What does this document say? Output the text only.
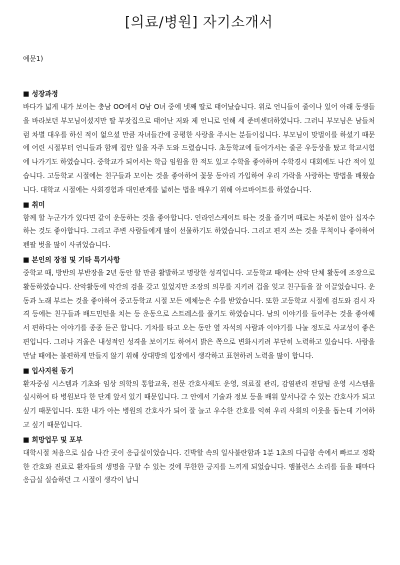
[의료/병원] 자기소개서

예문1)

■ 성장과정

바다가 넓게 내가 보이는 충남 OO에서 O남 O녀 중에 넷째 딸로 태어났습니다. 위로 언니들이 줄이나 있어 아래 동생들을 바라보던 부모님이셨지만 딸 부잣집으로 태어난 저와 제 언니로 인해 세 준비센더하였니다. 그러니 부모님은 남들처럼 차별 대우를 하신 적이 없으셨 만큼 자녀들간에 공평한 사랑을 주시는 분들이십니다. 부모님이 맞벌이를 하셨기 때문에 어린 시절부터 언니들과 함께 집안 일을 자주 도와 드렸습니다. 초등학교에 들어가서는 줄곧 우등상을 탔고 학교시험에 나가기도 하였습니다. 중학교가 되어서는 학급 임원을 한 적도 있고 수학을 좋아하며 수학경시 대회에도 나간 적이 있습니다. 고등학교 시절에는 친구들과 모이는 것을 좋아하여 꽃뭉 동아리 가입하여 우리 가락을 사랑하는 방법을 배웠습니다. 대학교 시절에는 사회경험과 대인관계를 넓히는 법을 배우기 위해 아르바이트를 하였습니다.

■ 취미

함께 할 누군가가 있다면 같이 운동하는 것을 좋아합니다. 인라인스케이트 타는 것을 즐기며 때로는 차분히 앉아 십자수 하는 것도 좋아합니다. 그리고 주변 사람들에게 많이 선물하기도 하였습니다. 그리고 편지 쓰는 것을 무척이나 좋아하여 펜팔 벗을 많이 사귀었습니다.

■ 본인의 장점 및 기타 특기사항

중학교 때, 방반의 부반장을 2년 동안 할 만큼 활발하고 명랑한 성격입니다. 고등학교 때에는 산악 단체 활동에 조장으로 활동하였습니다. 산악활동에 악간의 검을 갖고 있었지만 조장의 의무를 지키려 겁을 잊고 친구들을 잘 이끌었습니다. 운동과 노래 부르는 것을 좋아하여 중고등학교 시절 모든 예체능은 수를 받았습니다. 또한 고등학교 시절에 검도와 검시 자격 등에는 친구들과 배드민턴을 치는 등 운동으로 스트레스를 풀기도 하였습니다. 남의 이야기를 들어주는 것을 좋아해서 편하다는 이야기를 종종 듣곤 합니다. 기차를 타고 오는 동안 옆 자석의 사람과 이야기를 나눌 정도로 사교성이 좋은 편입니다. 그러나 겨울은 내성적인 성격을 보이기도 하여서 밝은 쪽으로 변화시키려 부단히 노력하고 있습니다. 사람을 만날 때에는 불편하게 만들지 않기 위해 상대방의 입장에서 생각하고 표현하려 노력을 많이 합니다.

■ 입사지원 동기

환자중심 시스템과 기초와 임상 의학의 통합교육, 전문 간호사제도 운영, 의료질 관리, 감염관리 전담팀 운영 시스템을 실시하여 타 병원보다 한 단계 앞서 있기 때문입니다. 그 안에서 기술과 정보 등을 배워 앞서나갈 수 있는 간호사가 되고 싶기 때문입니다. 또한 내가 아는 병원의 간호사가 되어 잘 늘고 우수한 간호를 익혀 우리 사회의 이웃을 돕는데 기여하고 싶기 때문입니다.

■ 희망업무 및 포부

대학시절 처음으로 실습 나간 곳이 응급실이었습니다. 긴박할 속의 일사불란함과 1분 1초의 다급함 속에서 빠르고 정확한 간호와 진료로 환자들의 생명을 구할 수 있는 것에 무한한 긍지를 느끼게 되었습니다. 앰뷸런스 소리를 들을 때마다 응급실 실습하던 그 시절이 생각이 납니
